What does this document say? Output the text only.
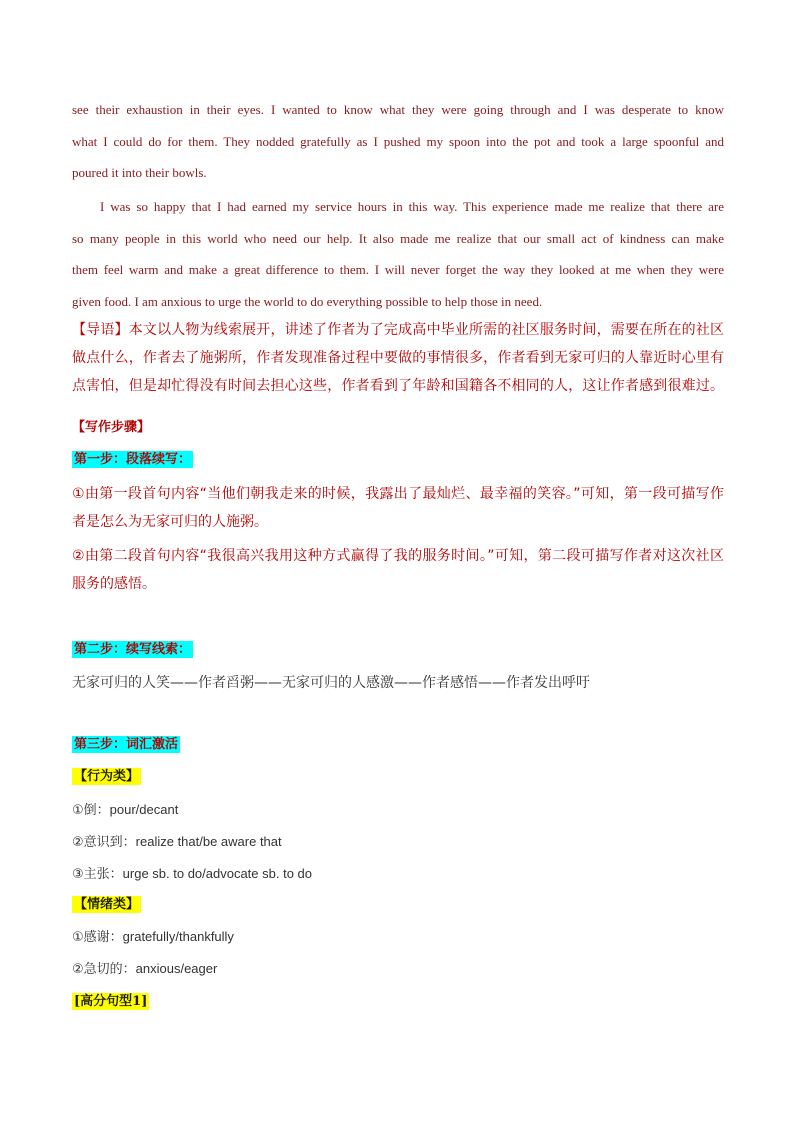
see their exhaustion in their eyes. I wanted to know what they were going through and I was desperate to know
what I could do for them. They nodded gratefully as I pushed my spoon into the pot and took a large spoonful and
poured it into their bowls.
I was so happy that I had earned my service hours in this way. This experience made me realize that there are
so many people in this world who need our help. It also made me realize that our small act of kindness can make
them feel warm and make a great difference to them. I will never forget the way they looked at me when they were
given food. I am anxious to urge the world to do everything possible to help those in need.
【导语】本文以人物为线索展开，讲述了作者为了完成高中毕业所需的社区服务时间，需要在所在的社区
做点什么，作者去了施粥所，作者发现准备过程中要做的事情很多，作者看到无家可归的人靠近时心里有
点害怕，但是却忙得没有时间去担心这些，作者看到了年龄和国籍各不相同的人，这让作者感到很难过。

【写作步骤】

第一步：段落续写：

①由第一段首句内容“当他们朝我走来的时候，我露出了最灿烂、最幸福的笑容。”可知，第一段可描写作
者是怎么为无家可归的人施粥。
②由第二段首句内容“我很高兴我用这种方式赢得了我的服务时间。”可知，第二段可描写作者对这次社区
服务的感悟。

第二步：续写线索：

无家可归的人笑——作者舀粥——无家可归的人感激——作者感悟——作者发出呼吁

第三步：词汇激活

【行为类】

①倒：pour/decant

②意识到：realize that/be aware that

③主张：urge sb. to do/advocate sb. to do

【情绪类】

①感谢：gratefully/thankfully

②急切的：anxious/eager

[高分句型1]
